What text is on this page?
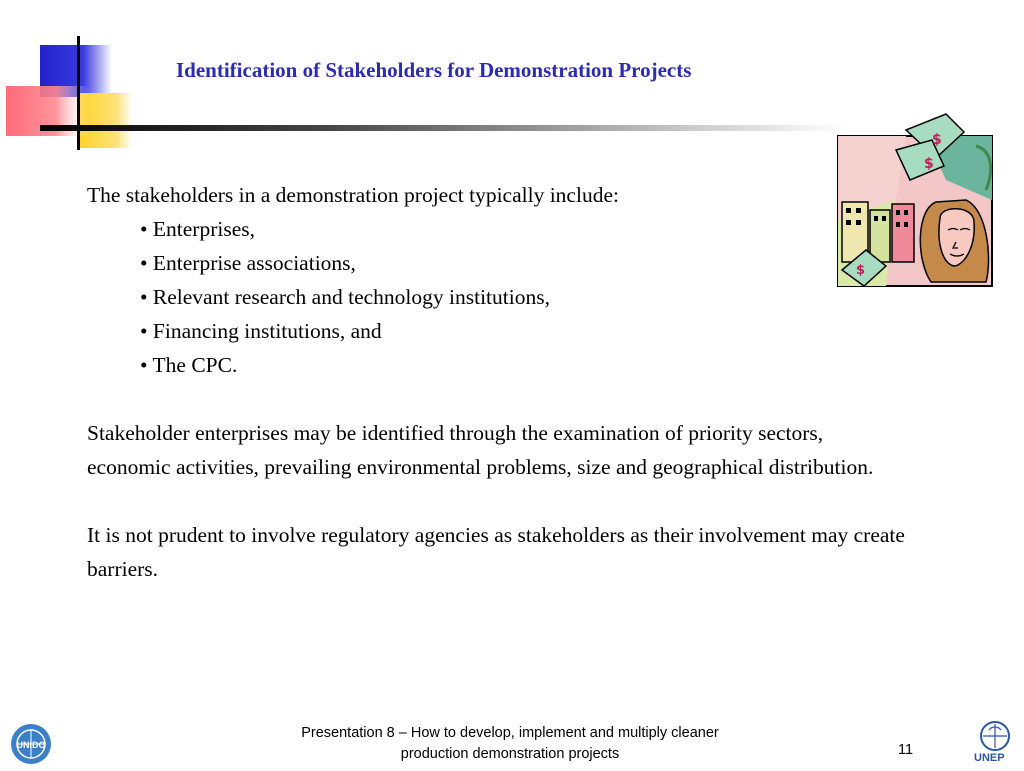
Identification of Stakeholders for Demonstration Projects

The stakeholders in a demonstration project typically include:

• Enterprises,
• Enterprise associations,
• Relevant research and technology institutions,
• Financing institutions, and
• The CPC.

Stakeholder enterprises may be identified through the examination of priority sectors, economic activities, prevailing environmental problems, size and geographical distribution.

It is not prudent to involve regulatory agencies as stakeholders as their involvement may create barriers.

$
$
$
UNIDO
Presentation 8 – How to develop, implement and multiply cleaner
production demonstration projects	11	UNEP
